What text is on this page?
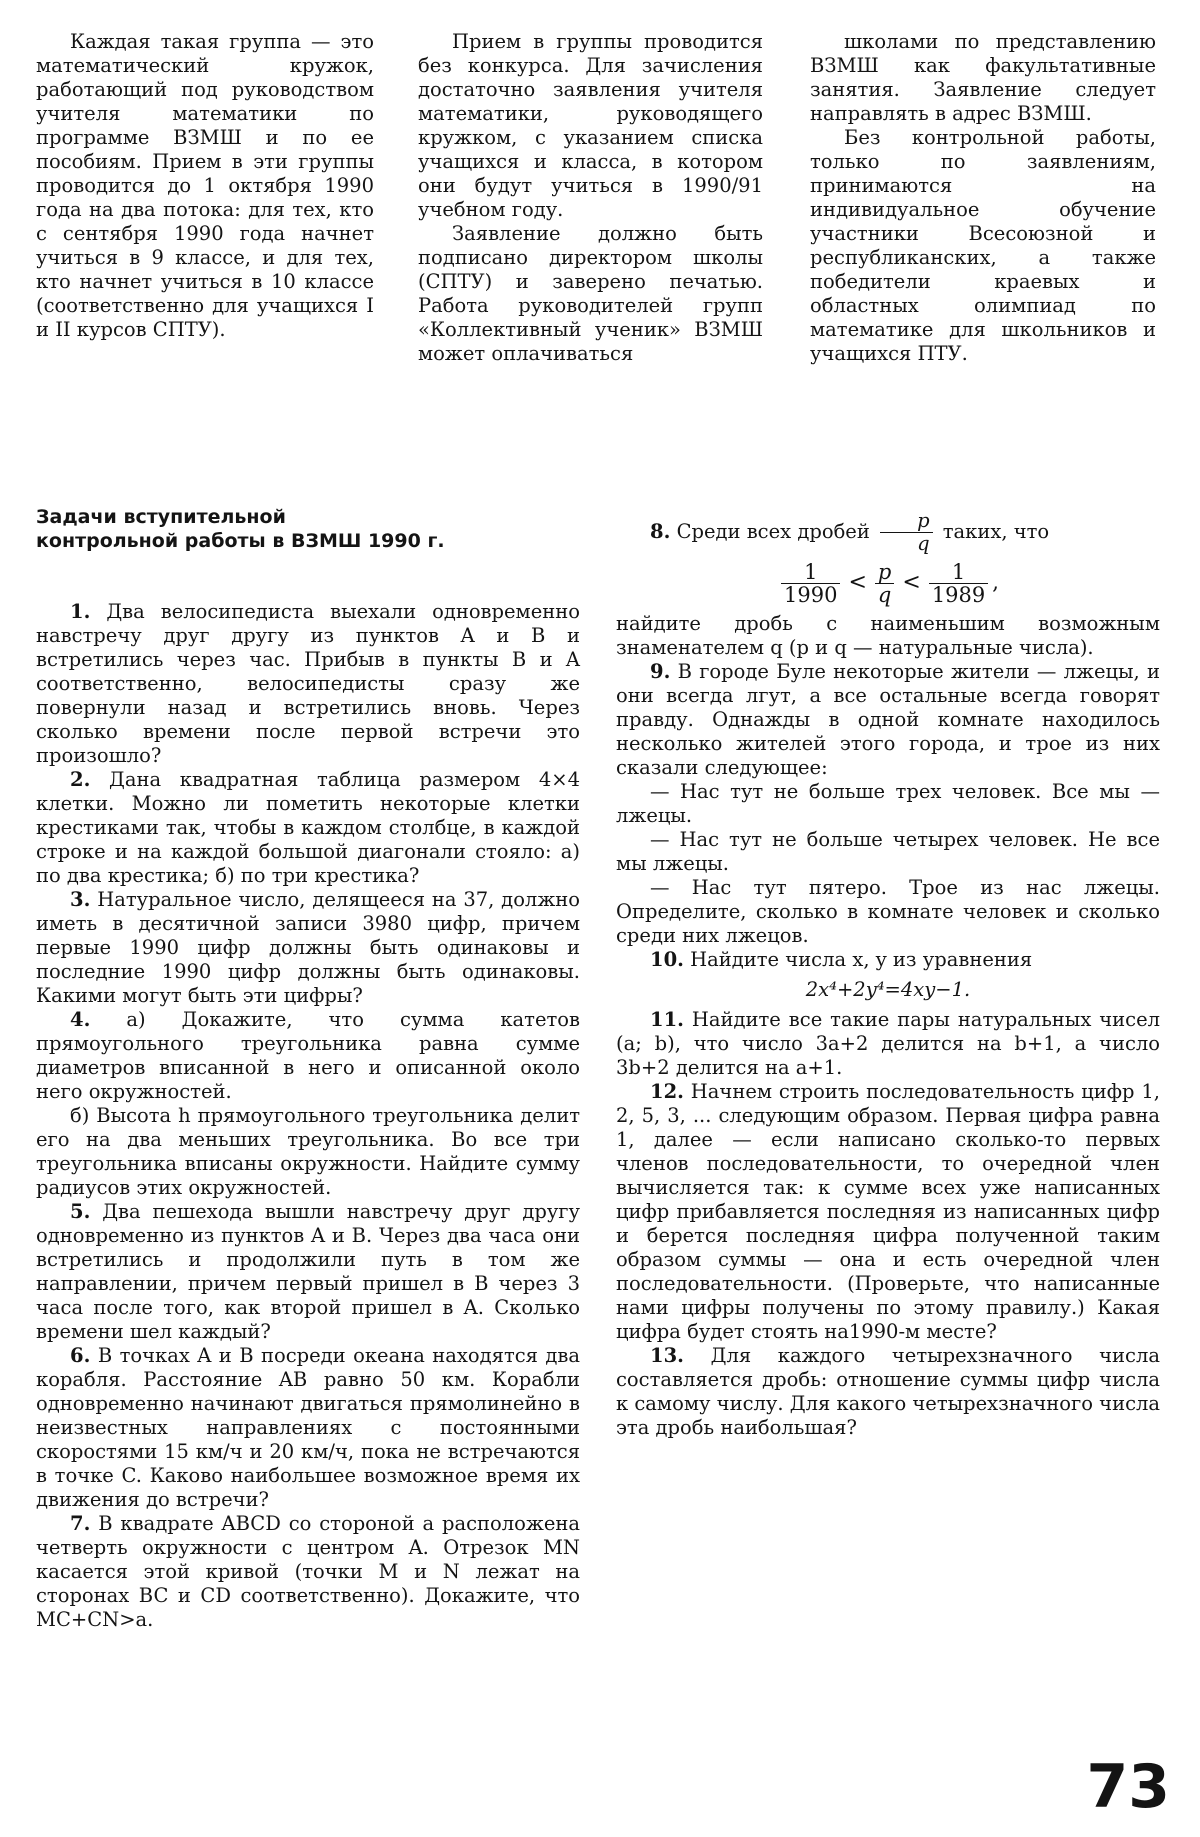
Каждая такая группа — это математический кружок, работающий под руководством учителя математики по программе ВЗМШ и по ее пособиям. Прием в эти группы проводится до 1 октября 1990 года на два потока: для тех, кто с сентября 1990 года начнет учиться в 9 классе, и для тех, кто начнет учиться в 10 классе (соответственно для учащихся I и II курсов СПТУ).

Прием в группы проводится без конкурса. Для зачисления достаточно заявления учителя математики, руководящего кружком, с указанием списка учащихся и класса, в котором они будут учиться в 1990/91 учебном году.

Заявление должно быть подписано директором школы (СПТУ) и заверено печатью. Работа руководителей групп «Коллективный ученик» ВЗМШ может оплачиваться

школами по представлению ВЗМШ как факультативные занятия. Заявление следует направлять в адрес ВЗМШ.

Без контрольной работы, только по заявлениям, принимаются на индивидуальное обучение участники Всесоюзной и республиканских, а также победители краевых и областных олимпиад по математике для школьников и учащихся ПТУ.

Задачи вступительной
контрольной работы в ВЗМШ 1990 г.

1. Два велосипедиста выехали одновременно навстречу друг другу из пунктов A и B и встретились через час. Прибыв в пункты B и A соответственно, велосипедисты сразу же повернули назад и встретились вновь. Через сколько времени после первой встречи это произошло?

2. Дана квадратная таблица размером 4×4 клетки. Можно ли пометить некоторые клетки крестиками так, чтобы в каждом столбце, в каждой строке и на каждой большой диагонали стояло: а) по два крестика; б) по три крестика?

3. Натуральное число, делящееся на 37, должно иметь в десятичной записи 3980 цифр, причем первые 1990 цифр должны быть одинаковы и последние 1990 цифр должны быть одинаковы. Какими могут быть эти цифры?

4. а) Докажите, что сумма катетов прямоугольного треугольника равна сумме диаметров вписанной в него и описанной около него окружностей.

б) Высота h прямоугольного треугольника делит его на два меньших треугольника. Во все три треугольника вписаны окружности. Найдите сумму радиусов этих окружностей.

5. Два пешехода вышли навстречу друг другу одновременно из пунктов A и B. Через два часа они встретились и продолжили путь в том же направлении, причем первый пришел в B через 3 часа после того, как второй пришел в A. Сколько времени шел каждый?

6. В точках A и B посреди океана находятся два корабля. Расстояние AB равно 50 км. Корабли одновременно начинают двигаться прямолинейно в неизвестных направлениях с постоянными скоростями 15 км/ч и 20 км/ч, пока не встречаются в точке C. Каково наибольшее возможное время их движения до встречи?

7. В квадрате ABCD со стороной a расположена четверть окружности с центром A. Отрезок MN касается этой кривой (точки M и N лежат на сторонах BC и CD соответственно). Докажите, что MC+CN>a.

8. Среди всех дробей $\frac{p}{q}$ таких, что

$\frac{1}{1990} < \frac{p}{q} < \frac{1}{1989}$ ,

найдите дробь с наименьшим возможным знаменателем q (p и q — натуральные числа).

9. В городе Буле некоторые жители — лжецы, и они всегда лгут, а все остальные всегда говорят правду. Однажды в одной комнате находилось несколько жителей этого города, и трое из них сказали следующее:

— Нас тут не больше трех человек. Все мы — лжецы.

— Нас тут не больше четырех человек. Не все мы лжецы.

— Нас тут пятеро. Трое из нас лжецы. Определите, сколько в комнате человек и сколько среди них лжецов.

10. Найдите числа x, y из уравнения

2x⁴+2y⁴=4xy−1.

11. Найдите все такие пары натуральных чисел (a; b), что число 3a+2 делится на b+1, а число 3b+2 делится на a+1.

12. Начнем строить последовательность цифр 1, 2, 5, 3, ... следующим образом. Первая цифра равна 1, далее — если написано сколько-то первых членов последовательности, то очередной член вычисляется так: к сумме всех уже написанных цифр прибавляется последняя из написанных цифр и берется последняя цифра полученной таким образом суммы — она и есть очередной член последовательности. (Проверьте, что написанные нами цифры получены по этому правилу.) Какая цифра будет стоять на1990-м месте?

13. Для каждого четырехзначного числа составляется дробь: отношение суммы цифр числа к самому числу. Для какого четырехзначного числа эта дробь наибольшая?

73
